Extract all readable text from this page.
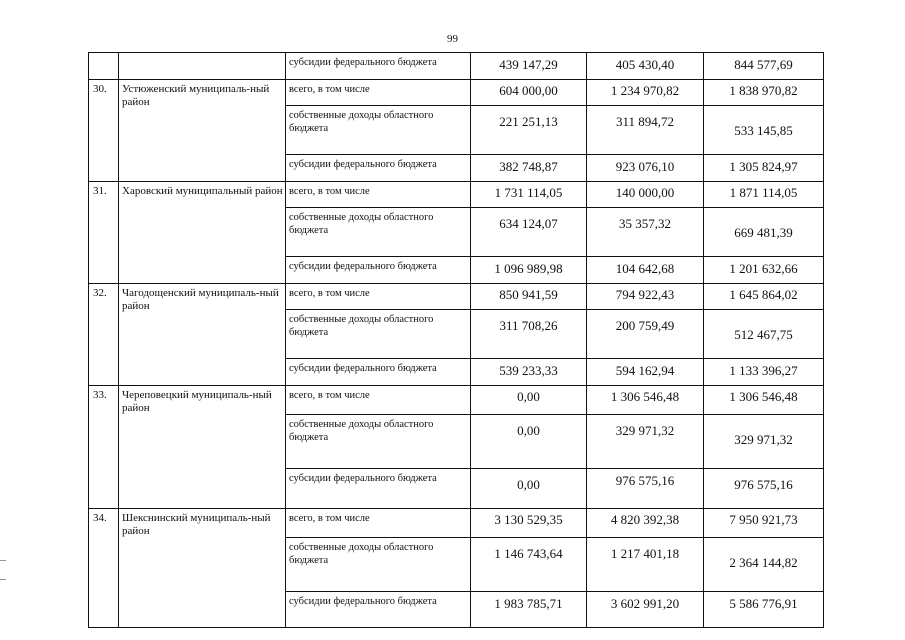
99
		субсидии федерального бюджета	439 147,29	405 430,40	844 577,69
30.	Устюженский муниципаль-ный район	всего, в том числе	604 000,00	1 234 970,82	1 838 970,82
		собственные доходы областного бюджета	221 251,13	311 894,72	533 145,85
		субсидии федерального бюджета	382 748,87	923 076,10	1 305 824,97
31.	Харовский муниципальный район	всего, в том числе	1 731 114,05	140 000,00	1 871 114,05
		собственные доходы областного бюджета	634 124,07	35 357,32	669 481,39
		субсидии федерального бюджета	1 096 989,98	104 642,68	1 201 632,66
32.	Чагодощенский муниципаль-ный район	всего, в том числе	850 941,59	794 922,43	1 645 864,02
		собственные доходы областного бюджета	311 708,26	200 759,49	512 467,75
		субсидии федерального бюджета	539 233,33	594 162,94	1 133 396,27
33.	Череповецкий муниципаль-ный район	всего, в том числе	0,00	1 306 546,48	1 306 546,48
		собственные доходы областного бюджета	0,00	329 971,32	329 971,32
		субсидии федерального бюджета	0,00	976 575,16	976 575,16
34.	Шекснинский муниципаль-ный район	всего, в том числе	3 130 529,35	4 820 392,38	7 950 921,73
		собственные доходы областного бюджета	1 146 743,64	1 217 401,18	2 364 144,82
		субсидии федерального бюджета	1 983 785,71	3 602 991,20	5 586 776,91
